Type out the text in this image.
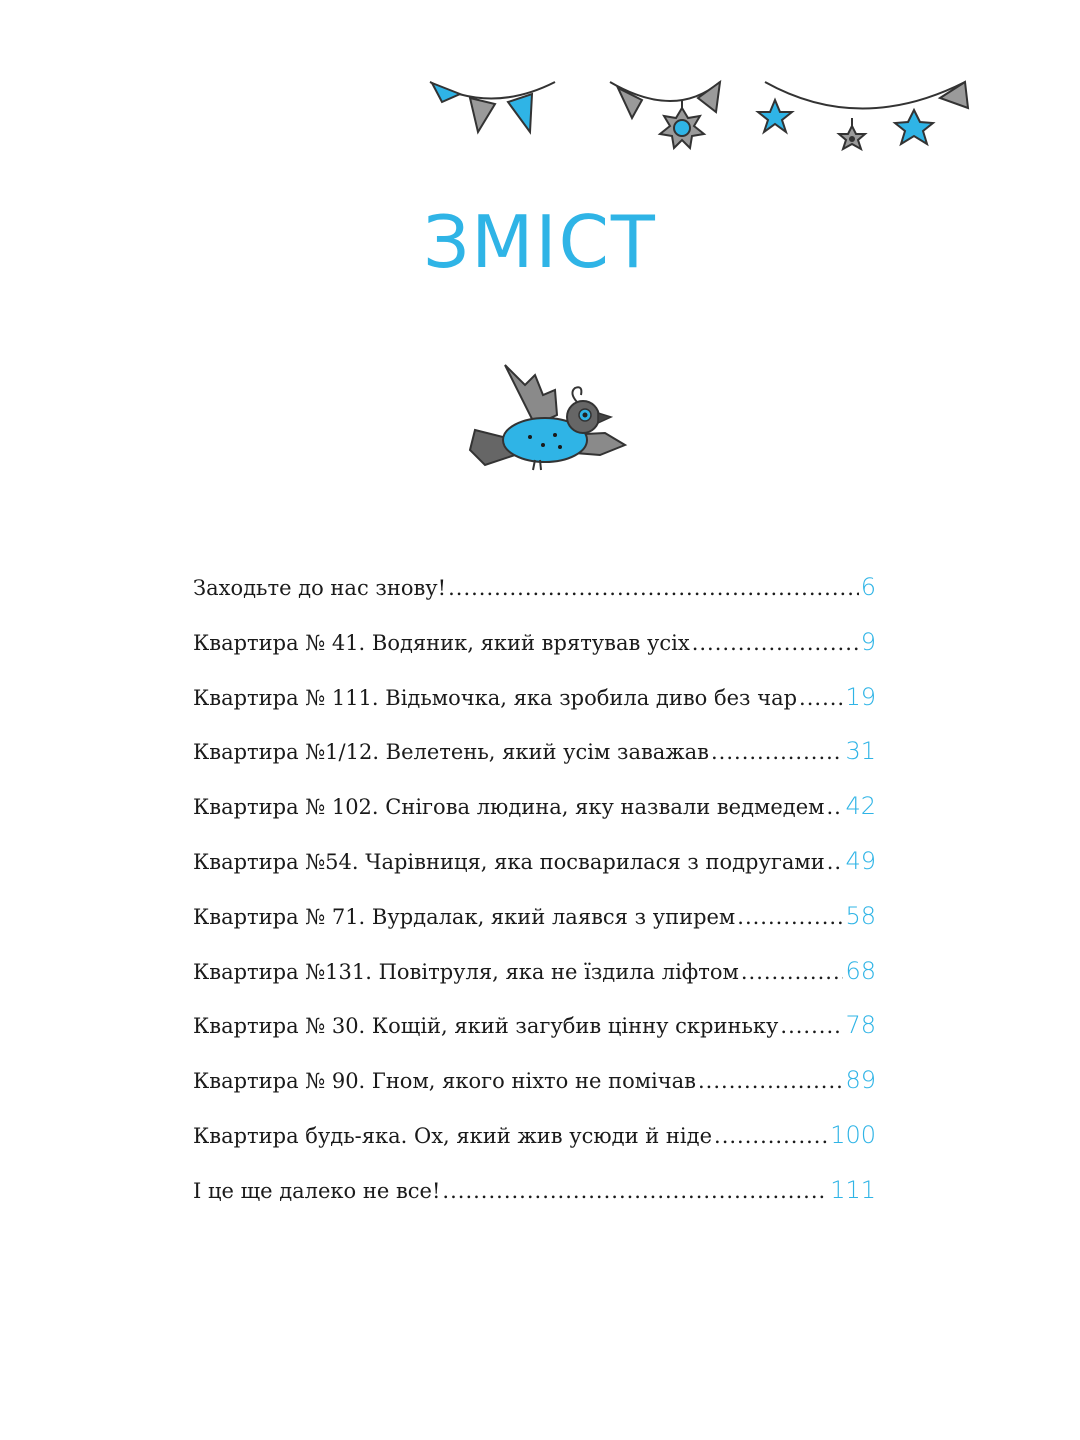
ЗМІСТ
Заходьте до нас знову! .....	6
Квартира № 41. Водяник, який врятував усіх .....	9
Квартира № 111. Відьмочка, яка зробила диво без чар ..... 19
Квартира №1/12. Велетень, який усім заважав .....	31
Квартира № 102. Снігова людина, яку назвали ведмедем ..... 42
Квартира №54. Чарівниця, яка посварилася з подругами ..... 49
Квартира № 71. Вурдалак, який лаявся з упирем .....	58
Квартира №131. Повітруля, яка не їздила ліфтом .....	68
Квартира № 30. Кощій, який загубив цінну скриньку .....	78
Квартира № 90. Гном, якого ніхто не помічав .....	89
Квартира будь-яка. Ох, який жив усюди й ніде .....	100
І це ще далеко не все! .....	111
